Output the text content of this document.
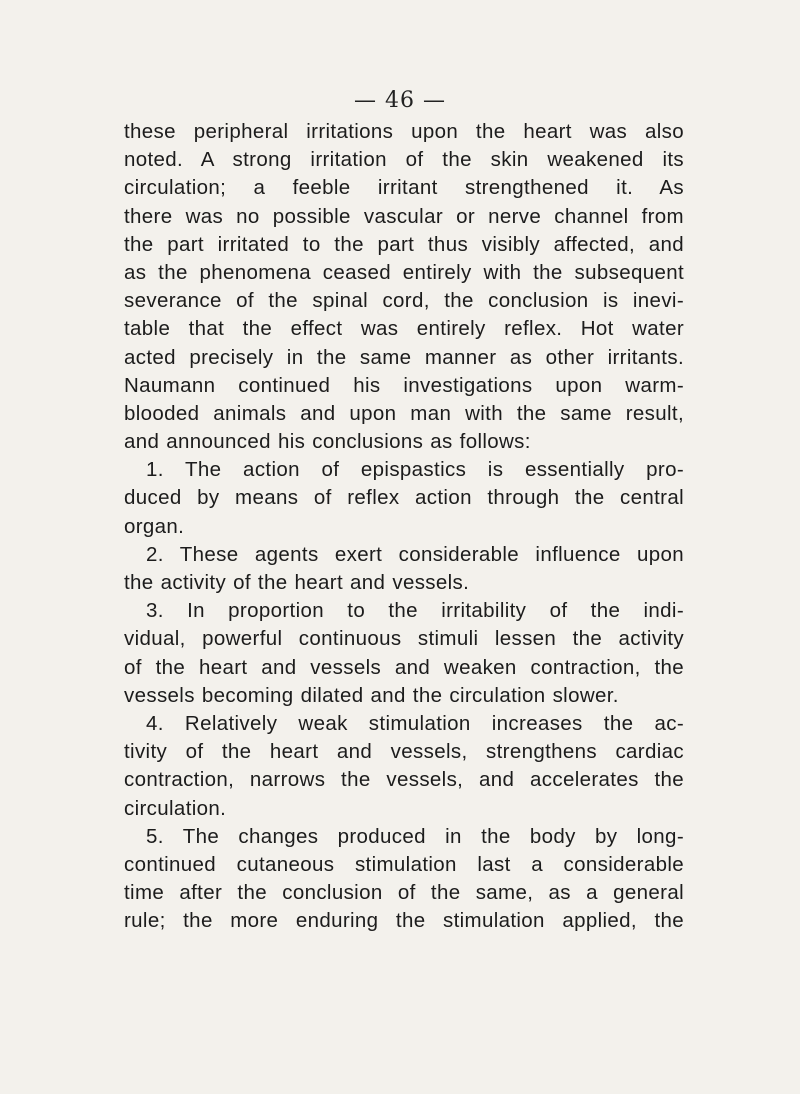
— 46 —
these peripheral irritations upon the heart was also
noted. A strong irritation of the skin weakened its
circulation; a feeble irritant strengthened it. As
there was no possible vascular or nerve channel from
the part irritated to the part thus visibly affected, and
as the phenomena ceased entirely with the subsequent
severance of the spinal cord, the conclusion is inevi-
table that the effect was entirely reflex. Hot water
acted precisely in the same manner as other irritants.
Naumann continued his investigations upon warm-
blooded animals and upon man with the same result,
and announced his conclusions as follows:
1. The action of epispastics is essentially pro-
duced by means of reflex action through the central
organ.
2. These agents exert considerable influence upon
the activity of the heart and vessels.
3. In proportion to the irritability of the indi-
vidual, powerful continuous stimuli lessen the activity
of the heart and vessels and weaken contraction, the
vessels becoming dilated and the circulation slower.
4. Relatively weak stimulation increases the ac-
tivity of the heart and vessels, strengthens cardiac
contraction, narrows the vessels, and accelerates the
circulation.
5. The changes produced in the body by long-
continued cutaneous stimulation last a considerable
time after the conclusion of the same, as a general
rule; the more enduring the stimulation applied, the
